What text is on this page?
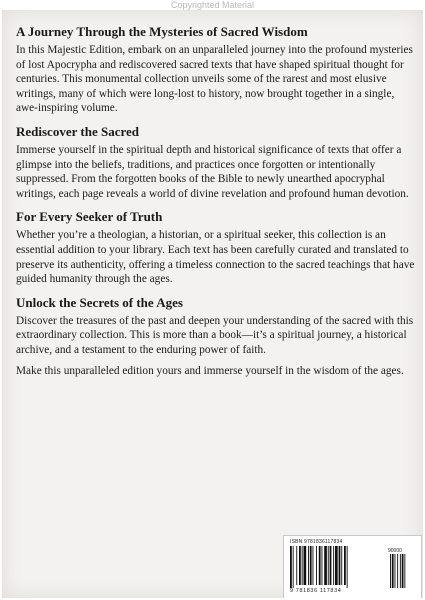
Copyrighted Material
A Journey Through the Mysteries of Sacred Wisdom

In this Majestic Edition, embark on an unparalleled journey into the profound mysteries of lost Apocrypha and rediscovered sacred texts that have shaped spiritual thought for centuries. This monumental collection unveils some of the rarest and most elusive writings, many of which were long-lost to history, now brought together in a single, awe-inspiring volume.

Rediscover the Sacred

Immerse yourself in the spiritual depth and historical significance of texts that offer a glimpse into the beliefs, traditions, and practices once forgotten or intentionally suppressed. From the forgotten books of the Bible to newly unearthed apocryphal writings, each page reveals a world of divine revelation and profound human devotion.

For Every Seeker of Truth

Whether you’re a theologian, a historian, or a spiritual seeker, this collection is an essential addition to your library. Each text has been carefully curated and translated to preserve its authenticity, offering a timeless connection to the sacred teachings that have guided humanity through the ages.

Unlock the Secrets of the Ages

Discover the treasures of the past and deepen your understanding of the sacred with this extraordinary collection. This is more than a book—it’s a spiritual journey, a historical archive, and a testament to the enduring power of faith.

Make this unparalleled edition yours and immerse yourself in the wisdom of the ages.

ISBN 9781836117834
90000
9 781836 117834
